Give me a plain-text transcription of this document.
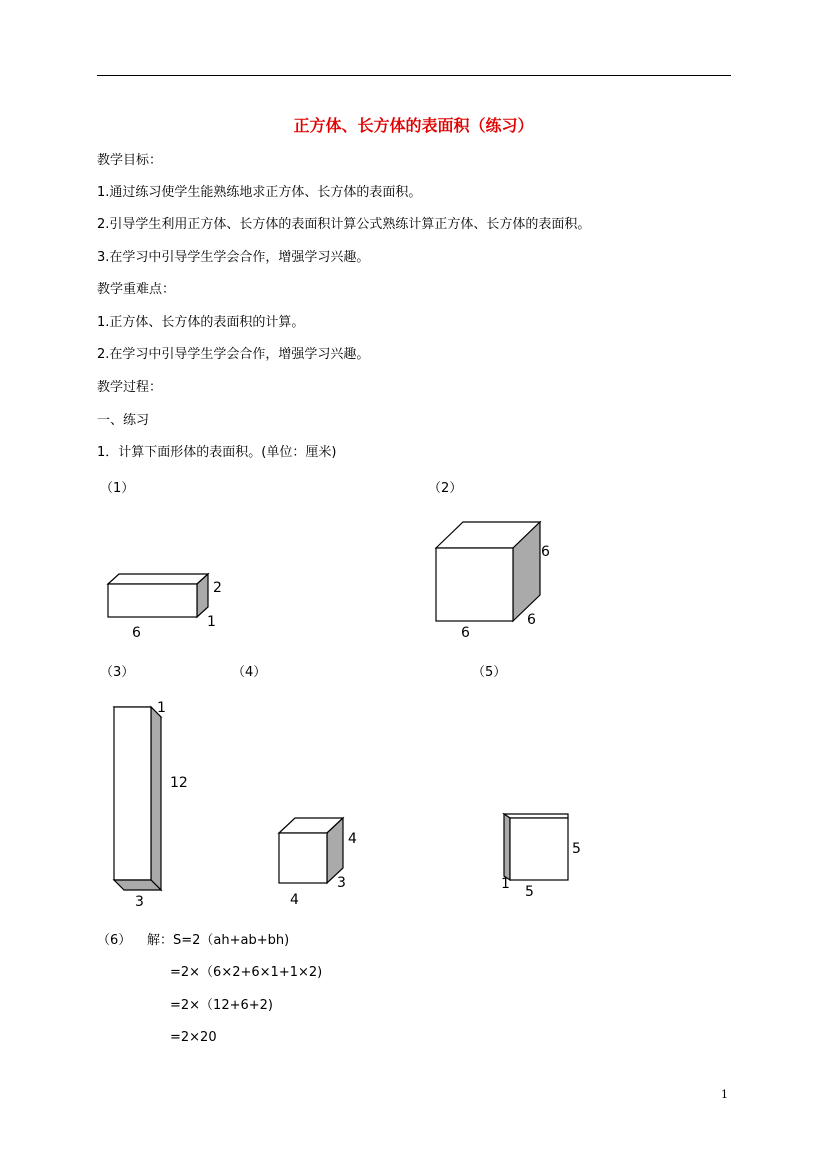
正方体、长方体的表面积（练习）
教学目标：
1.通过练习使学生能熟练地求正方体、长方体的表面积。
2.引导学生利用正方体、长方体的表面积计算公式熟练计算正方体、长方体的表面积。
3.在学习中引导学生学会合作，增强学习兴趣。
教学重难点：
1.正方体、长方体的表面积的计算。
2.在学习中引导学生学会合作，增强学习兴趣。
教学过程：
一、练习
1．计算下面形体的表面积。(单位：厘米)
（1）	（2）
（3）	（4）	（5）
2
1
6
6
6
6
1
12
3
4
3
4
5
1 5
（6） 解：S=2（ah+ab+bh)
=2×（6×2+6×1+1×2)
=2×（12+6+2)
=2×20
1
